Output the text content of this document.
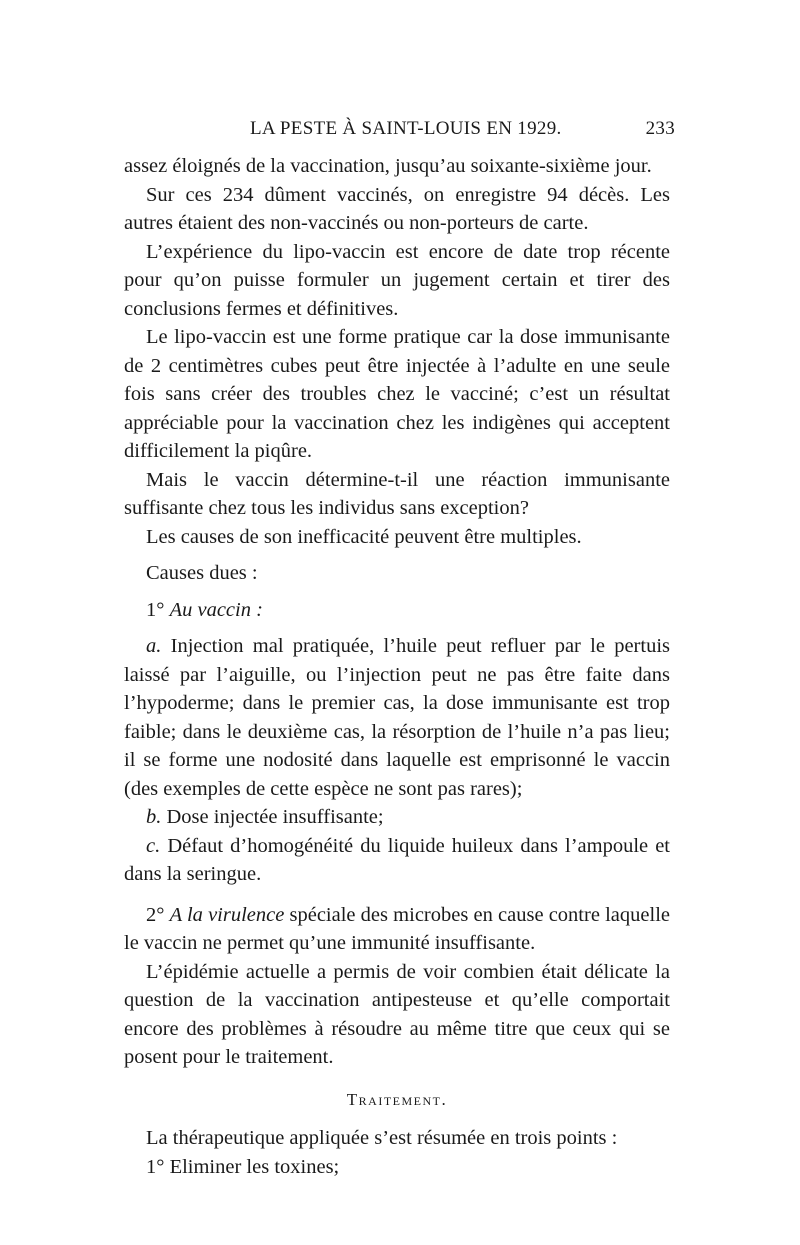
LA PESTE À SAINT-LOUIS EN 1929.	233

assez éloignés de la vaccination, jusqu’au soixante-sixième jour.

Sur ces 234 dûment vaccinés, on enregistre 94 décès. Les autres étaient des non-vaccinés ou non-porteurs de carte.

L’expérience du lipo-vaccin est encore de date trop récente pour qu’on puisse formuler un jugement certain et tirer des conclusions fermes et définitives.

Le lipo-vaccin est une forme pratique car la dose immunisante de 2 centimètres cubes peut être injectée à l’adulte en une seule fois sans créer des troubles chez le vacciné; c’est un résultat appréciable pour la vaccination chez les indigènes qui acceptent difficilement la piqûre.

Mais le vaccin détermine-t-il une réaction immunisante suffisante chez tous les individus sans exception?

Les causes de son inefficacité peuvent être multiples.

Causes dues :

1° Au vaccin :

a. Injection mal pratiquée, l’huile peut refluer par le pertuis laissé par l’aiguille, ou l’injection peut ne pas être faite dans l’hypoderme; dans le premier cas, la dose immunisante est trop faible; dans le deuxième cas, la résorption de l’huile n’a pas lieu; il se forme une nodosité dans laquelle est emprisonné le vaccin (des exemples de cette espèce ne sont pas rares);

b. Dose injectée insuffisante;

c. Défaut d’homogénéité du liquide huileux dans l’ampoule et dans la seringue.

2° A la virulence spéciale des microbes en cause contre laquelle le vaccin ne permet qu’une immunité insuffisante.

L’épidémie actuelle a permis de voir combien était délicate la question de la vaccination antipesteuse et qu’elle comportait encore des problèmes à résoudre au même titre que ceux qui se posent pour le traitement.

Traitement.

La thérapeutique appliquée s’est résumée en trois points :

1° Eliminer les toxines;
